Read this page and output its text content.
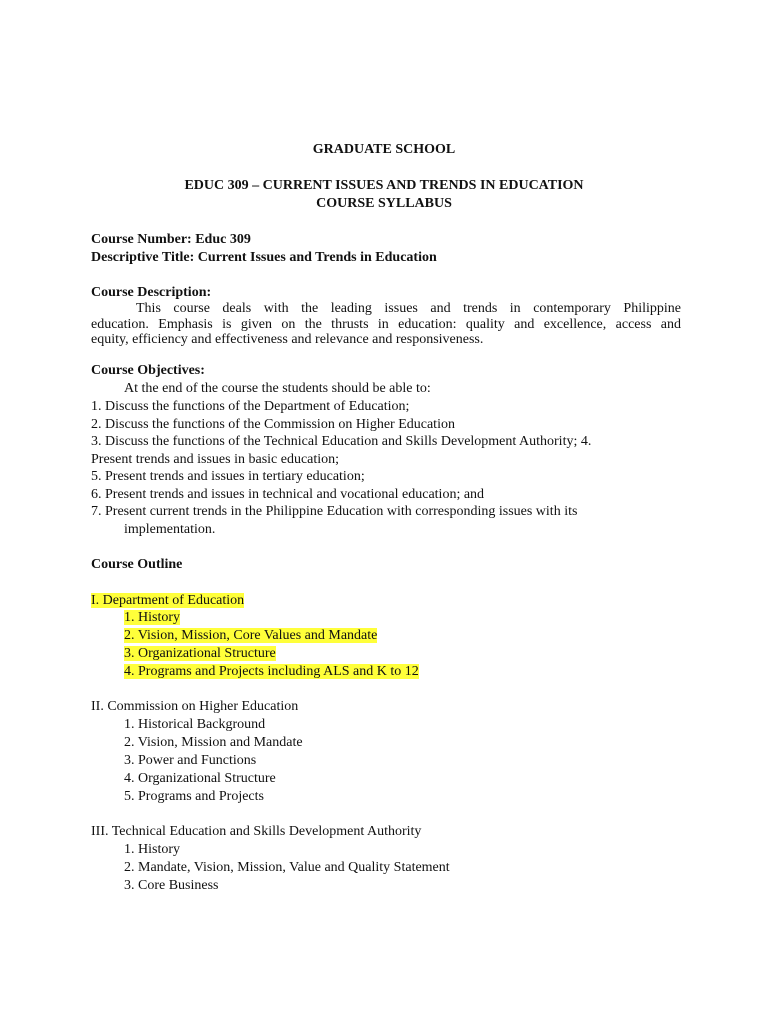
GRADUATE SCHOOL
EDUC 309 – CURRENT ISSUES AND TRENDS IN EDUCATION
COURSE SYLLABUS
Course Number: Educ 309
Descriptive Title: Current Issues and Trends in Education
Course Description:
This course deals with the leading issues and trends in contemporary Philippine
education. Emphasis is given on the thrusts in education: quality and excellence, access and
equity, efficiency and effectiveness and relevance and responsiveness.
Course Objectives:
At the end of the course the students should be able to:
1. Discuss the functions of the Department of Education;
2. Discuss the functions of the Commission on Higher Education
3. Discuss the functions of the Technical Education and Skills Development Authority; 4.
Present trends and issues in basic education;
5. Present trends and issues in tertiary education;
6. Present trends and issues in technical and vocational education; and
7. Present current trends in the Philippine Education with corresponding issues with its
implementation.
Course Outline
I. Department of Education
1. History
2. Vision, Mission, Core Values and Mandate
3. Organizational Structure
4. Programs and Projects including ALS and K to 12
II. Commission on Higher Education
1. Historical Background
2. Vision, Mission and Mandate
3. Power and Functions
4. Organizational Structure
5. Programs and Projects
III. Technical Education and Skills Development Authority
1. History
2. Mandate, Vision, Mission, Value and Quality Statement
3. Core Business
